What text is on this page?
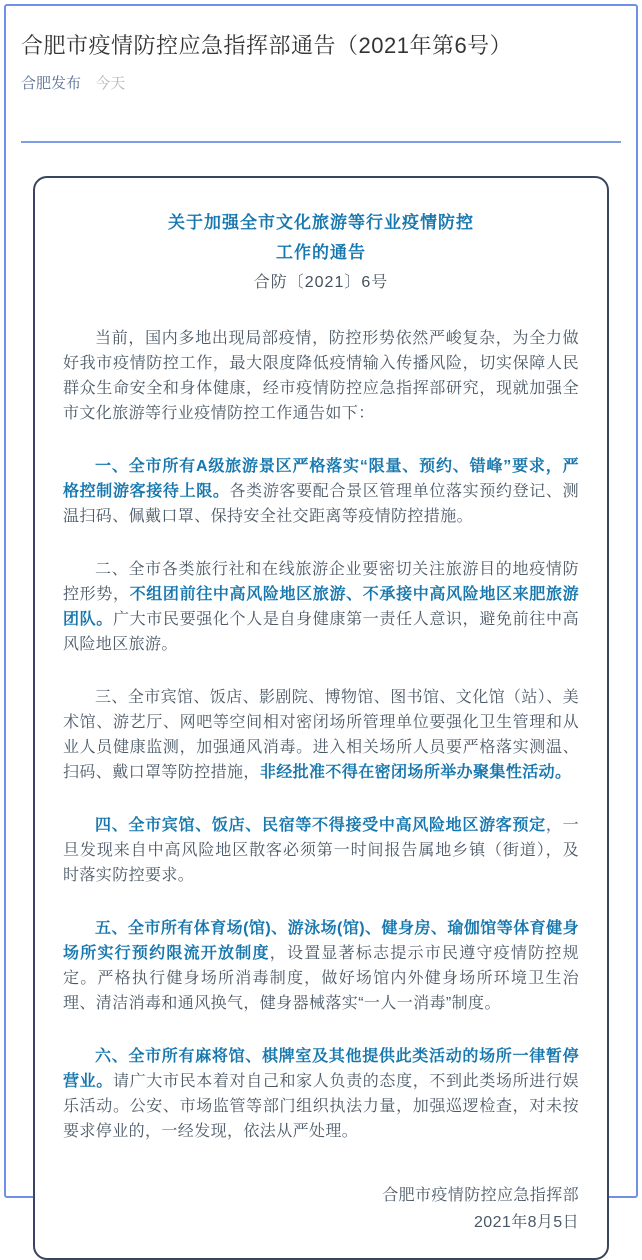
合肥市疫情防控应急指挥部通告（2021年第6号）
合肥发布 今天
关于加强全市文化旅游等行业疫情防控
工作的通告
合防〔2021〕6号

当前，国内多地出现局部疫情，防控形势依然严峻复杂，为全力做好我市疫情防控工作，最大限度降低疫情输入传播风险，切实保障人民群众生命安全和身体健康，经市疫情防控应急指挥部研究，现就加强全市文化旅游等行业疫情防控工作通告如下：

一、全市所有A级旅游景区严格落实“限量、预约、错峰”要求，严格控制游客接待上限。各类游客要配合景区管理单位落实预约登记、测温扫码、佩戴口罩、保持安全社交距离等疫情防控措施。

二、全市各类旅行社和在线旅游企业要密切关注旅游目的地疫情防控形势，不组团前往中高风险地区旅游、不承接中高风险地区来肥旅游团队。广大市民要强化个人是自身健康第一责任人意识，避免前往中高风险地区旅游。

三、全市宾馆、饭店、影剧院、博物馆、图书馆、文化馆（站）、美术馆、游艺厅、网吧等空间相对密闭场所管理单位要强化卫生管理和从业人员健康监测，加强通风消毒。进入相关场所人员要严格落实测温、扫码、戴口罩等防控措施，非经批准不得在密闭场所举办聚集性活动。

四、全市宾馆、饭店、民宿等不得接受中高风险地区游客预定，一旦发现来自中高风险地区散客必须第一时间报告属地乡镇（街道），及时落实防控要求。

五、全市所有体育场(馆)、游泳场(馆)、健身房、瑜伽馆等体育健身场所实行预约限流开放制度，设置显著标志提示市民遵守疫情防控规定。严格执行健身场所消毒制度，做好场馆内外健身场所环境卫生治理、清洁消毒和通风换气，健身器械落实“一人一消毒”制度。

六、全市所有麻将馆、棋牌室及其他提供此类活动的场所一律暂停营业。请广大市民本着对自己和家人负责的态度，不到此类场所进行娱乐活动。公安、市场监管等部门组织执法力量，加强巡逻检查，对未按要求停业的，一经发现，依法从严处理。

合肥市疫情防控应急指挥部
2021年8月5日
